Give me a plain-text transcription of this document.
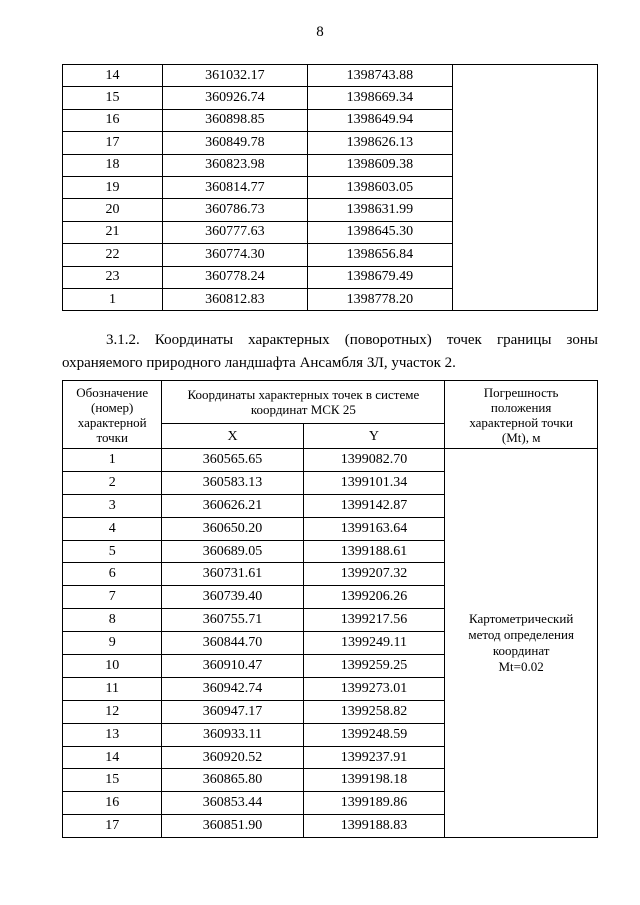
8
14	361032.17	1398743.88	
15	360926.74	1398669.34	
16	360898.85	1398649.94	
17	360849.78	1398626.13	
18	360823.98	1398609.38	
19	360814.77	1398603.05	
20	360786.73	1398631.99	
21	360777.63	1398645.30	
22	360774.30	1398656.84	
23	360778.24	1398679.49	
1	360812.83	1398778.20	

3.1.2. Координаты характерных (поворотных) точек границы зоны
охраняемого природного ландшафта Ансамбля ЗЛ, участок 2.

Обозначение
(номер)
характерной
точки	Координаты характерных точек в системе
координат МСК 25		Погрешность
положения
характерной точки
(Mt), м
	X	Y	
1	360565.65	1399082.70	Картометрический
метод определения
координат
Mt=0.02
2	360583.13	1399101.34	
3	360626.21	1399142.87	
4	360650.20	1399163.64	
5	360689.05	1399188.61	
6	360731.61	1399207.32	
7	360739.40	1399206.26	
8	360755.71	1399217.56	
9	360844.70	1399249.11	
10	360910.47	1399259.25	
11	360942.74	1399273.01	
12	360947.17	1399258.82	
13	360933.11	1399248.59	
14	360920.52	1399237.91	
15	360865.80	1399198.18	
16	360853.44	1399189.86	
17	360851.90	1399188.83	
